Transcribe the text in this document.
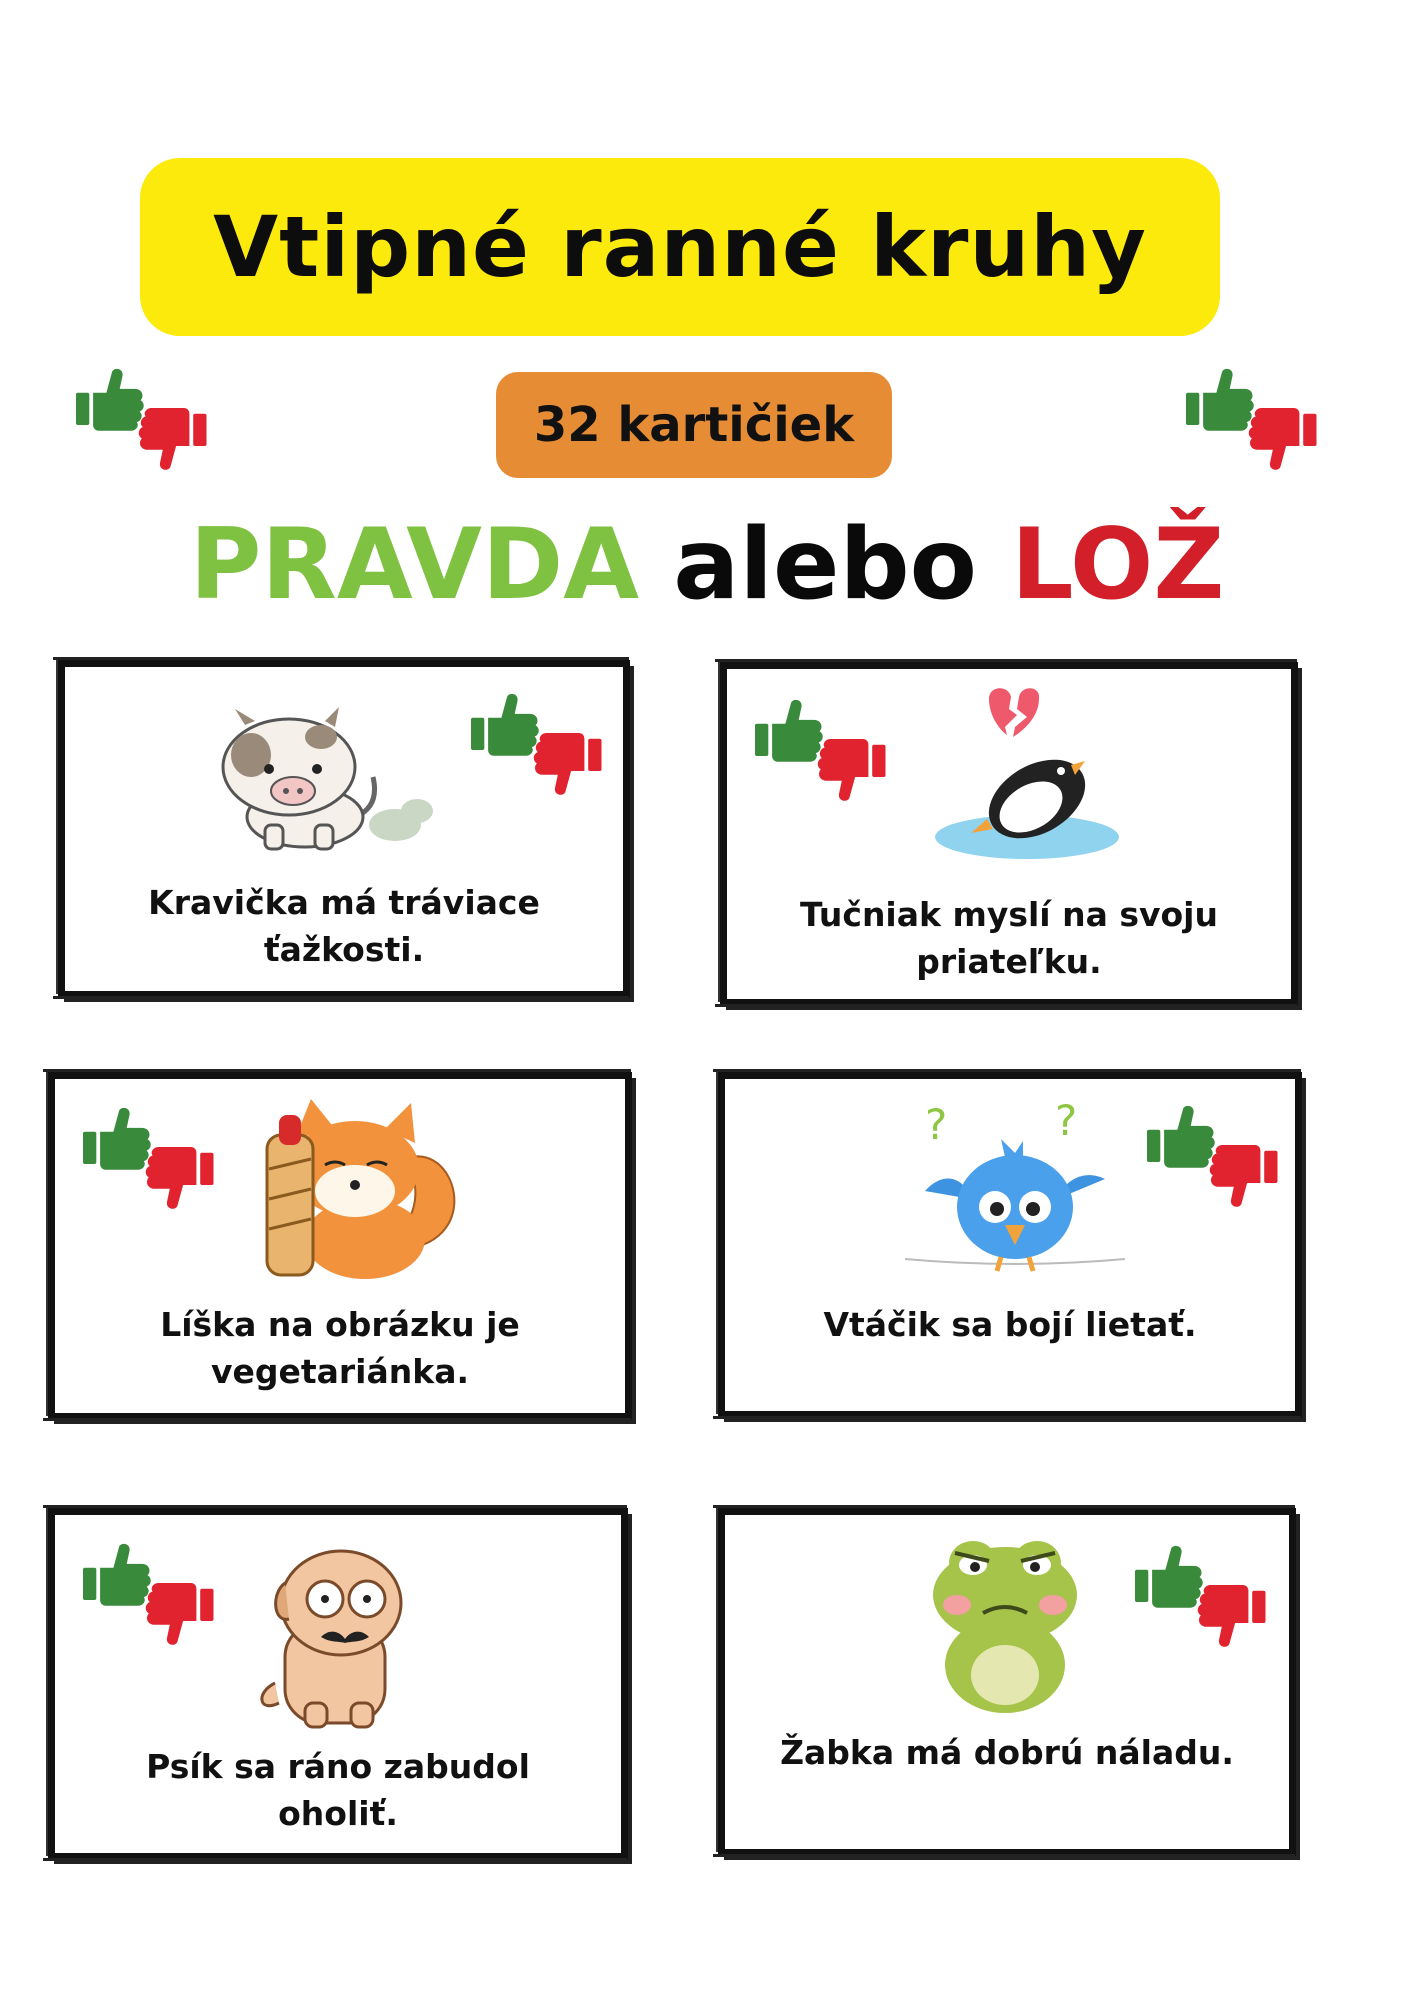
Vtipné ranné kruhy
32 kartičiek
PRAVDA alebo LOŽ
Kravička má tráviace ťažkosti.
Tučniak myslí na svoju priateľku.
Líška na obrázku je vegetariánka.
?	?
Vtáčik sa bojí lietať.
Psík sa ráno zabudol oholiť.
Žabka má dobrú náladu.
